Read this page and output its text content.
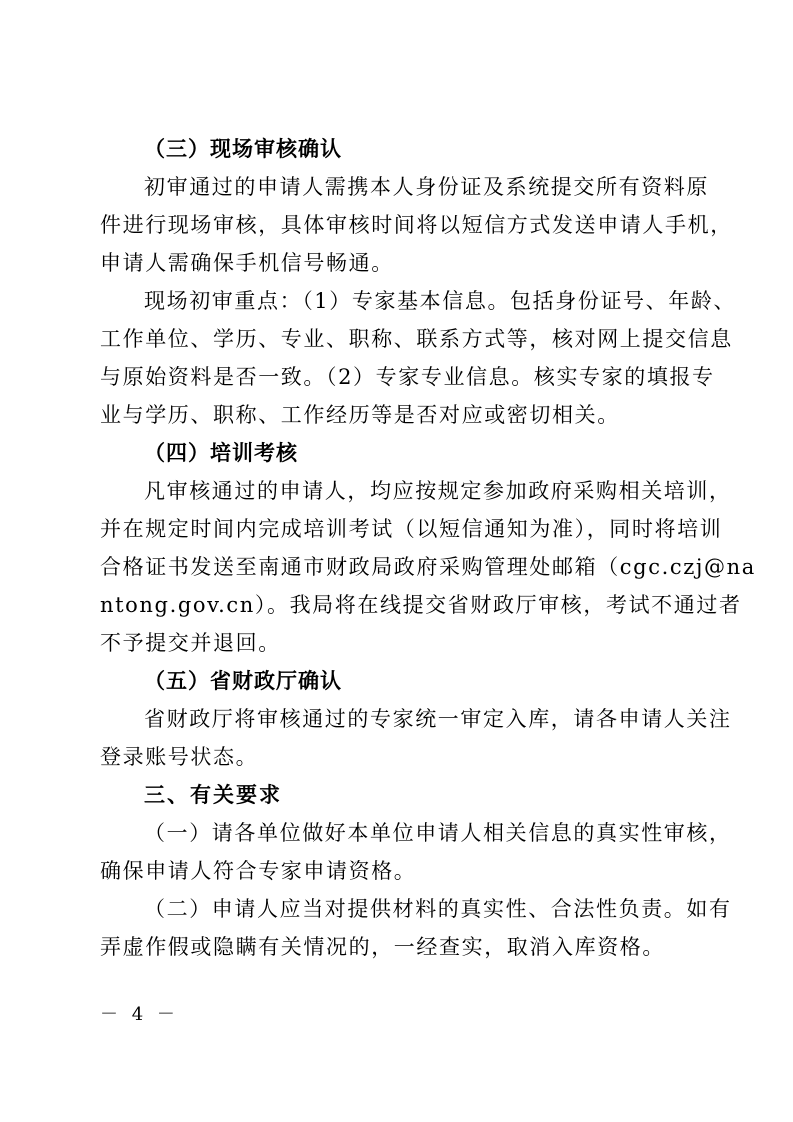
（三）现场审核确认
初审通过的申请人需携本人身份证及系统提交所有资料原
件进行现场审核，具体审核时间将以短信方式发送申请人手机，
申请人需确保手机信号畅通。
现场初审重点：（1）专家基本信息。包括身份证号、年龄、
工作单位、学历、专业、职称、联系方式等，核对网上提交信息
与原始资料是否一致。（2）专家专业信息。核实专家的填报专
业与学历、职称、工作经历等是否对应或密切相关。
（四）培训考核
凡审核通过的申请人，均应按规定参加政府采购相关培训，
并在规定时间内完成培训考试（以短信通知为准），同时将培训
合格证书发送至南通市财政局政府采购管理处邮箱（cgc.czj@na
ntong.gov.cn）。我局将在线提交省财政厅审核，考试不通过者
不予提交并退回。
（五）省财政厅确认
省财政厅将审核通过的专家统一审定入库，请各申请人关注
登录账号状态。
三、有关要求
（一）请各单位做好本单位申请人相关信息的真实性审核，
确保申请人符合专家申请资格。
（二）申请人应当对提供材料的真实性、合法性负责。如有
弄虚作假或隐瞒有关情况的，一经查实，取消入库资格。
－ 4 －
